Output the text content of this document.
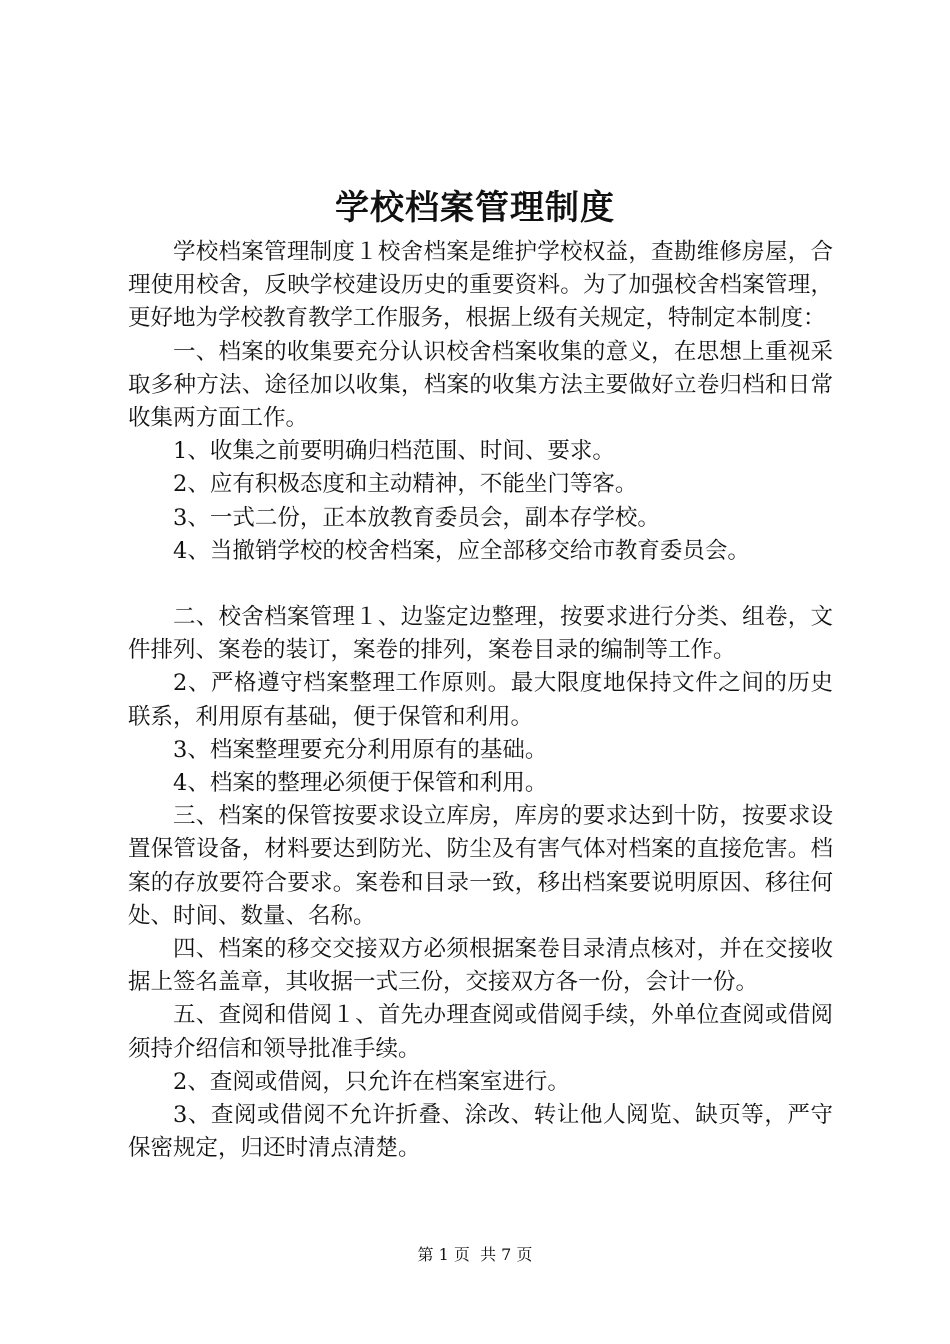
学校档案管理制度

学校档案管理制度１校舍档案是维护学校权益，查勘维修房屋，合理使用校舍，反映学校建设历史的重要资料。为了加强校舍档案管理，更好地为学校教育教学工作服务，根据上级有关规定，特制定本制度：

一、档案的收集要充分认识校舍档案收集的意义，在思想上重视采取多种方法、途径加以收集，档案的收集方法主要做好立卷归档和日常收集两方面工作。

1、收集之前要明确归档范围、时间、要求。

2、应有积极态度和主动精神，不能坐门等客。

3、一式二份，正本放教育委员会，副本存学校。

4、当撤销学校的校舍档案，应全部移交给市教育委员会。

二、校舍档案管理１、边鉴定边整理，按要求进行分类、组卷，文件排列、案卷的装订，案卷的排列，案卷目录的编制等工作。

2、严格遵守档案整理工作原则。最大限度地保持文件之间的历史联系，利用原有基础，便于保管和利用。

3、档案整理要充分利用原有的基础。

4、档案的整理必须便于保管和利用。

三、档案的保管按要求设立库房，库房的要求达到十防，按要求设置保管设备，材料要达到防光、防尘及有害气体对档案的直接危害。档案的存放要符合要求。案卷和目录一致，移出档案要说明原因、移往何处、时间、数量、名称。

四、档案的移交交接双方必须根据案卷目录清点核对，并在交接收据上签名盖章，其收据一式三份，交接双方各一份，会计一份。

五、查阅和借阅１、首先办理查阅或借阅手续，外单位查阅或借阅须持介绍信和领导批准手续。

2、查阅或借阅，只允许在档案室进行。

3、查阅或借阅不允许折叠、涂改、转让他人阅览、缺页等，严守保密规定，归还时清点清楚。

第 1 页  共 7 页
